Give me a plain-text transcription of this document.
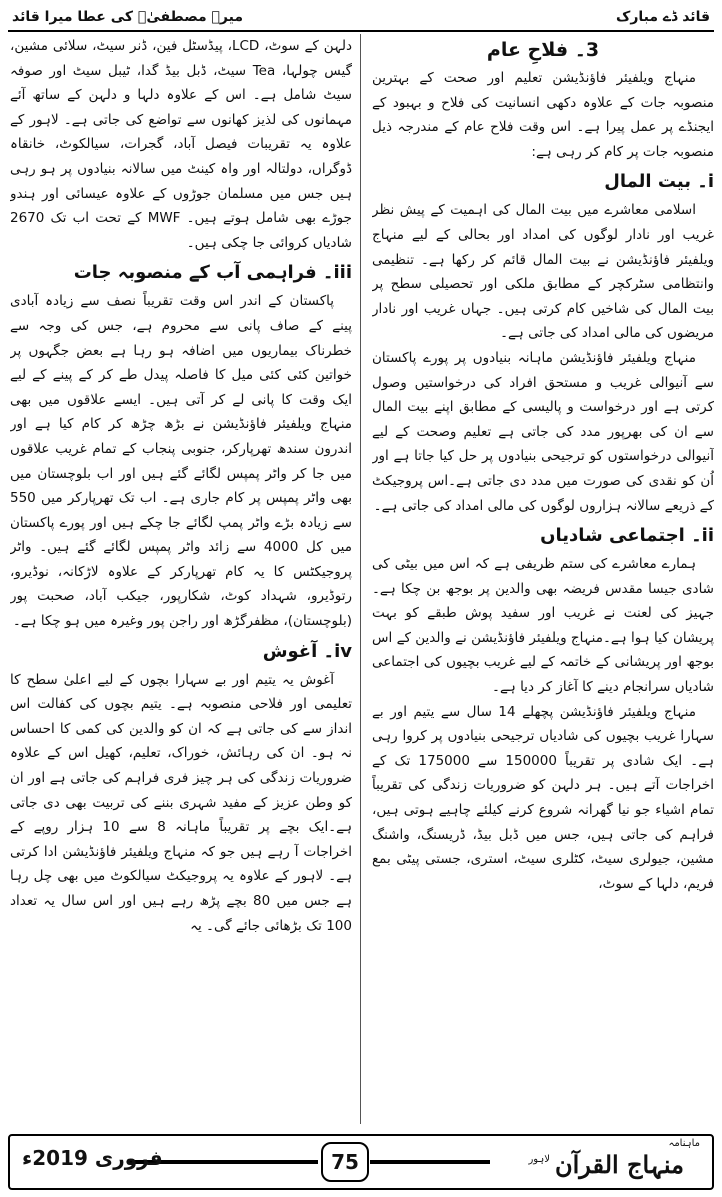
میرے مصطفیٰؐ کی عطا میرا قائد	قائد ڈے مبارک
3۔ فلاحِ عام

منہاج ویلفیئر فاؤنڈیشن تعلیم اور صحت کے بہترین منصوبہ جات کے علاوہ دکھی انسانیت کی فلاح و بہبود کے ایجنڈے پر عمل پیرا ہے۔ اس وقت فلاح عام کے مندرجہ ذیل منصوبہ جات پر کام کر رہی ہے:

i۔ بیت المال

اسلامی معاشرے میں بیت المال کی اہمیت کے پیش نظر غریب اور نادار لوگوں کی امداد اور بحالی کے لیے منہاج ویلفیئر فاؤنڈیشن نے بیت المال قائم کر رکھا ہے۔ تنظیمی وانتظامی سٹرکچر کے مطابق ملکی اور تحصیلی سطح پر بیت المال کی شاخیں کام کرتی ہیں۔ جہاں غریب اور نادار مریضوں کی مالی امداد کی جاتی ہے۔

منہاج ویلفیئر فاؤنڈیشن ماہانہ بنیادوں پر پورے پاکستان سے آنیوالی غریب و مستحق افراد کی درخواستیں وصول کرتی ہے اور درخواست و پالیسی کے مطابق اپنے بیت المال سے ان کی بھرپور مدد کی جاتی ہے تعلیم وصحت کے لیے آنیوالی درخواستوں کو ترجیحی بنیادوں پر حل کیا جاتا ہے اور اُن کو نقدی کی صورت میں مدد دی جاتی ہے۔اس پروجیکٹ کے ذریعے سالانہ ہزاروں لوگوں کی مالی امداد کی جاتی ہے۔

ii۔ اجتماعی شادیاں

ہمارے معاشرے کی ستم ظریفی ہے کہ اس میں بیٹی کی شادی جیسا مقدس فریضہ بھی والدین پر بوجھ بن چکا ہے۔ جہیز کی لعنت نے غریب اور سفید پوش طبقے کو بہت پریشان کیا ہوا ہے۔منہاج ویلفیئر فاؤنڈیشن نے والدین کے اس بوجھ اور پریشانی کے خاتمہ کے لیے غریب بچیوں کی اجتماعی شادیاں سرانجام دینے کا آغاز کر دیا ہے۔

منہاج ویلفیئر فاؤنڈیشن پچھلے 14 سال سے یتیم اور بے سہارا غریب بچیوں کی شادیاں ترجیحی بنیادوں پر کروا رہی ہے۔ ایک شادی پر تقریباً 150000 سے 175000 تک کے اخراجات آتے ہیں۔ ہر دلہن کو ضروریات زندگی کی تقریباً تمام اشیاء جو نیا گھرانہ شروع کرنے کیلئے چاہیے ہوتی ہیں، فراہم کی جاتی ہیں، جس میں ڈبل بیڈ، ڈریسنگ، واشنگ مشین، جیولری سیٹ، کٹلری سیٹ، استری، جستی پیٹی بمع فریم، دلہا کے سوٹ،

دلہن کے سوٹ، LCD، پیڈسٹل فین، ڈنر سیٹ، سلائی مشین، گیس چولہا، Tea سیٹ، ڈبل بیڈ گدا، ٹیبل سیٹ اور صوفہ سیٹ شامل ہے۔ اس کے علاوہ دلہا و دلہن کے ساتھ آئے مہمانوں کی لذیز کھانوں سے تواضع کی جاتی ہے۔ لاہور کے علاوہ یہ تقریبات فیصل آباد، گجرات، سیالکوٹ، خانقاہ ڈوگراں، دولتالہ اور واہ کینٹ میں سالانہ بنیادوں پر ہو رہی ہیں جس میں مسلمان جوڑوں کے علاوہ عیسائی اور ہندو جوڑے بھی شامل ہوتے ہیں۔ MWF کے تحت اب تک 2670 شادیاں کروائی جا چکی ہیں۔

iii۔ فراہمی آب کے منصوبہ جات

پاکستان کے اندر اس وقت تقریباً نصف سے زیادہ آبادی پینے کے صاف پانی سے محروم ہے، جس کی وجہ سے خطرناک بیماریوں میں اضافہ ہو رہا ہے بعض جگہوں پر خواتین کئی کئی میل کا فاصلہ پیدل طے کر کے پینے کے لیے ایک وقت کا پانی لے کر آتی ہیں۔ ایسے علاقوں میں بھی منہاج ویلفیئر فاؤنڈیشن نے بڑھ چڑھ کر کام کیا ہے اور اندرون سندھ تھرپارکر، جنوبی پنجاب کے تمام غریب علاقوں میں جا کر واٹر پمپس لگائے گئے ہیں اور اب بلوچستان میں بھی واٹر پمپس پر کام جاری ہے۔ اب تک تھرپارکر میں 550 سے زیادہ بڑے واٹر پمپ لگائے جا چکے ہیں اور پورے پاکستان میں کل 4000 سے زائد واٹر پمپس لگائے گئے ہیں۔ واٹر پروجیکٹس کا یہ کام تھرپارکر کے علاوہ لاڑکانہ، نوڈیرو، رتوڈیرو، شہداد کوٹ، شکارپور، جیکب آباد، صحبت پور (بلوچستان)، مظفرگڑھ اور راجن پور وغیرہ میں ہو چکا ہے۔

iv۔ آغوش

آغوش یہ یتیم اور بے سہارا بچوں کے لیے اعلیٰ سطح کا تعلیمی اور فلاحی منصوبہ ہے۔ یتیم بچوں کی کفالت اس انداز سے کی جاتی ہے کہ ان کو والدین کی کمی کا احساس نہ ہو۔ ان کی رہائش، خوراک، تعلیم، کھیل اس کے علاوہ ضروریات زندگی کی ہر چیز فری فراہم کی جاتی ہے اور ان کو وطن عزیز کے مفید شہری بننے کی تربیت بھی دی جاتی ہے۔ایک بچے پر تقریباً ماہانہ 8 سے 10 ہزار روپے کے اخراجات آ رہے ہیں جو کہ منہاج ویلفیئر فاؤنڈیشن ادا کرتی ہے۔ لاہور کے علاوہ یہ پروجیکٹ سیالکوٹ میں بھی چل رہا ہے جس میں 80 بچے پڑھ رہے ہیں اور اس سال یہ تعداد 100 تک بڑھائی جائے گی۔ یہ

فروری 2019ء	75
ماہنامہ
منہاج القرآن
لاہور
